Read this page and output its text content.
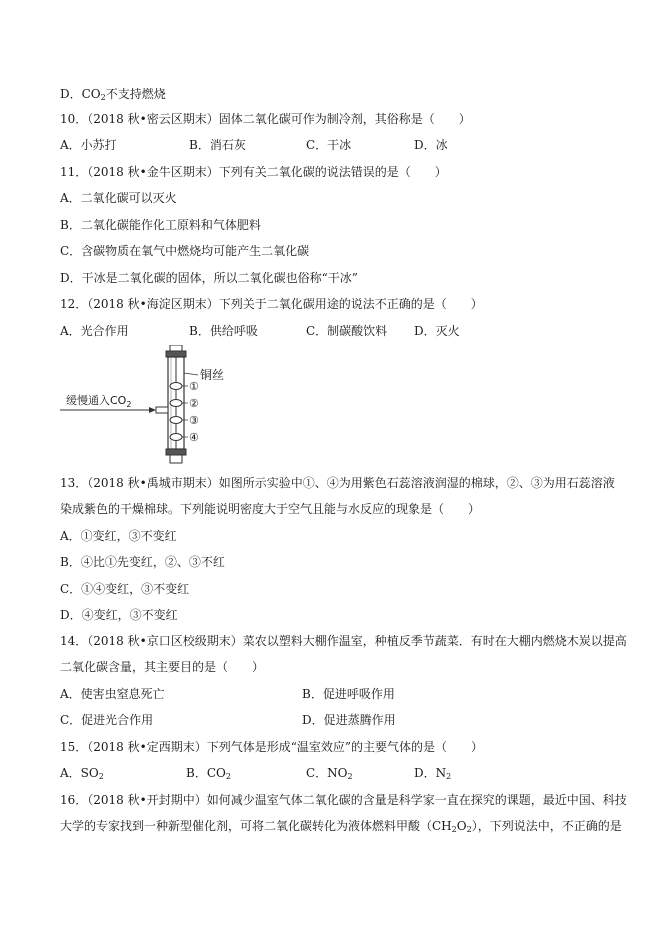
D．$CO_2$不支持燃烧
10．（2018 秋•密云区期末）固体二氧化碳可作为制冷剂，其俗称是（　　）
A．小苏打	B．消石灰	C．干冰	D．冰
11．（2018 秋•金牛区期末）下列有关二氧化碳的说法错误的是（　　）
A．二氧化碳可以灭火
B．二氧化碳能作化工原料和气体肥料
C．含碳物质在氧气中燃烧均可能产生二氧化碳
D．干冰是二氧化碳的固体，所以二氧化碳也俗称“干冰”
12．（2018 秋•海淀区期末）下列关于二氧化碳用途的说法不正确的是（　　）
A．光合作用	B．供给呼吸	C．制碳酸饮料 D．灭火
缓慢通入$CO_2$
铜丝
①
②
③
④
13．（2018 秋•禹城市期末）如图所示实验中①、④为用紫色石蕊溶液润湿的棉球，②、③为用石蕊溶液
染成紫色的干燥棉球。下列能说明密度大于空气且能与水反应的现象是（　　）
A．①变红，③不变红
B．④比①先变红，②、③不红
C．①④变红，③不变红
D．④变红，③不变红
14．（2018 秋•京口区校级期末）菜农以塑料大棚作温室，种植反季节蔬菜．有时在大棚内燃烧木炭以提高
二氧化碳含量，其主要目的是（　　）
A．使害虫窒息死亡	B．促进呼吸作用
C．促进光合作用	D．促进蒸腾作用
15．（2018 秋•定西期末）下列气体是形成“温室效应”的主要气体的是（　　）
A．$SO_2$	B．$CO_2$	C．$NO_2$	D．$N_2$
16．（2018 秋•开封期中）如何减少温室气体二氧化碳的含量是科学家一直在探究的课题，最近中国、科技
大学的专家找到一种新型催化剂，可将二氧化碳转化为液体燃料甲酸$(CH_2O_2)$，下列说法中，不正确的是
